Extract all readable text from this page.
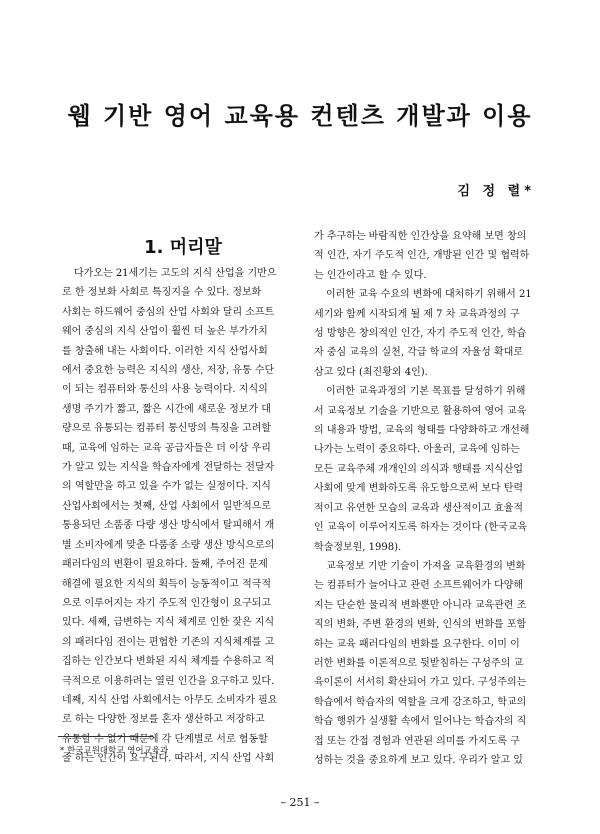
웹 기반 영어 교육용 컨텐츠 개발과 이용
김 정 렬*
1. 머리말
다가오는 21세기는 고도의 지식 산업을 기반으
로 한 정보화 사회로 특징지을 수 있다. 정보화
사회는 하드웨어 중심의 산업 사회와 달리 소프트
웨어 중심의 지식 산업이 훨씬 더 높은 부가가치
를 창출해 내는 사회이다. 이러한 지식 산업사회
에서 중요한 능력은 지식의 생산, 저장, 유통 수단
이 되는 컴퓨터와 통신의 사용 능력이다. 지식의
생명 주기가 짧고, 짧은 시간에 새로운 정보가 대
량으로 유통되는 컴퓨터 통신망의 특징을 고려할
때, 교육에 임하는 교육 공급자들은 더 이상 우리
가 알고 있는 지식을 학습자에게 전달하는 전달자
의 역할만을 하고 있을 수가 없는 실정이다. 지식
산업사회에서는 첫째, 산업 사회에서 일반적으로
통용되던 소품종 다량 생산 방식에서 탈피해서 개
별 소비자에게 맞춘 다품종 소량 생산 방식으로의
패러다임의 변환이 필요하다. 둘째, 주어진 문제
해결에 필요한 지식의 획득이 능동적이고 적극적
으로 이루어지는 자기 주도적 인간형이 요구되고
있다. 세째, 급변하는 지식 체계로 인한 잦은 지식
의 패러다임 전이는 편협한 기존의 지식체계를 고
집하는 인간보다 변화된 지식 체계를 수용하고 적
극적으로 이용하려는 열린 인간을 요구하고 있다.
네째, 지식 산업 사회에서는 아무도 소비자가 필요
로 하는 다양한 정보를 혼자 생산하고 저장하고
유통할 수 없기 때문에 각 단계별로 서로 협동할
줄 하는 인간이 요구된다. 따라서, 지식 산업 사회
가 추구하는 바람직한 인간상을 요약해 보면 창의
적 인간, 자기 주도적 인간, 개방된 인간 및 협력하
는 인간이라고 할 수 있다.
이러한 교육 수요의 변화에 대처하기 위해서 21
세기와 함께 시작되게 될 제 7 차 교육과정의 구
성 방향은 창의적인 인간, 자기 주도적 인간, 학습
자 중심 교육의 실천, 각급 학교의 자율성 확대로
삼고 있다 (최진황외 4인).
이러한 교육과정의 기본 목표를 달성하기 위해
서 교육정보 기술을 기반으로 활용하여 영어 교육
의 내용과 방법, 교육의 형태를 다양화하고 개선해
나가는 노력이 중요하다. 아울러, 교육에 임하는
모든 교육주체 개개인의 의식과 행태를 지식산업
사회에 맞게 변화하도록 유도함으로써 보다 탄력
적이고 유연한 모습의 교육과 생산적이고 효율적
인 교육이 이루어지도록 하자는 것이다 (한국교육
학술정보원, 1998).
교육정보 기반 기술이 가져올 교육환경의 변화
는 컴퓨터가 늘어나고 관련 소프트웨어가 다양해
지는 단순한 물리적 변화뿐만 아니라 교육관련 조
직의 변화, 주변 환경의 변화, 인식의 변화를 포함
하는 교육 패러다임의 변화를 요구한다. 이미 이
러한 변화를 이론적으로 뒷받침하는 구성주의 교
육이론이 서서히 확산되어 가고 있다. 구성주의는
학습에서 학습자의 역할을 크게 강조하고, 학교의
학습 행위가 실생활 속에서 일어나는 학습자의 직
접 또는 간접 경험과 연관된 의미를 가지도록 구
성하는 것을 중요하게 보고 있다. 우리가 알고 있
* 한국교원대학교 영어교육과
– 251 –
